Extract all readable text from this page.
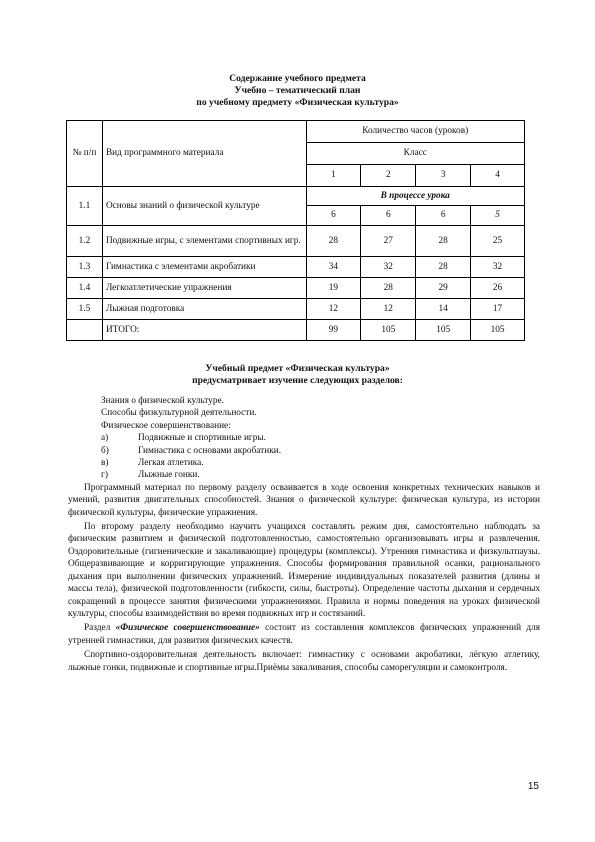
Содержание учебного предмета
Учебно – тематический план
по учебному предмету «Физическая культура»
№ п/п	Вид программного материала	Количество часов (уроков)			
		Класс			
		1	2	3	4
1.1	Основы знаний о физической культуре	В процессе урока			
		6	6	6	5
1.2	Подвижные игры, с элементами спортивных игр.	28	27	28	25
1.3	Гимнастика с элементами акробатики	34	32	28	32
1.4	Легкоатлетические упражнения	19	28	29	26
1.5	Лыжная подготовка	12	12	14	17
	ИТОГО:	99	105	105	105
Учебный предмет «Физическая культура»
предусматривает изучение следующих разделов:
Знания о физической культуре.
Способы физкультурной деятельности.
Физическое совершенствование:
а)	Подвижные и спортивные игры.
б)	Гимнастика с основами акробатики.
в)	Легкая атлетика.
г)	Лыжные гонки.
Программный материал по первому разделу осваивается в ходе освоения конкретных технических навыков и умений, развития двигательных способностей. Знания о физической культуре: физическая культура, из истории физической культуры, физические упражнения.
По второму разделу необходимо научить учащихся составлять режим дня, самостоятельно наблюдать за физическим развитием и физической подготовленностью, самостоятельно организовывать игры и развлечения. Оздоровительные (гигиенические и закаливающие) процедуры (комплексы). Утренняя гимнастика и физкультпаузы. Общеразвивающие и корригирующие упражнения. Способы формирования правильной осанки, рационального дыхания при выполнении физических упражнений. Измерение индивидуальных показателей развития (длины и массы тела), физической подготовленности (гибкости, силы, быстроты). Определение частоты дыхания и сердечных сокращений в процессе занятия физическими упражнениями. Правила и нормы поведения на уроках физической культуры, способы взаимодействия во время подвижных игр и состязаний.
Раздел «Физическое совершенствование» состоит из составления комплексов физических упражнений для утренней гимнастики, для развития физических качеств.
Спортивно-оздоровительная деятельность включает: гимнастику с основами акробатики, лёгкую атлетику, лыжные гонки, подвижные и спортивные игры.Приёмы закаливания, способы саморегуляции и самоконтроля.
15
